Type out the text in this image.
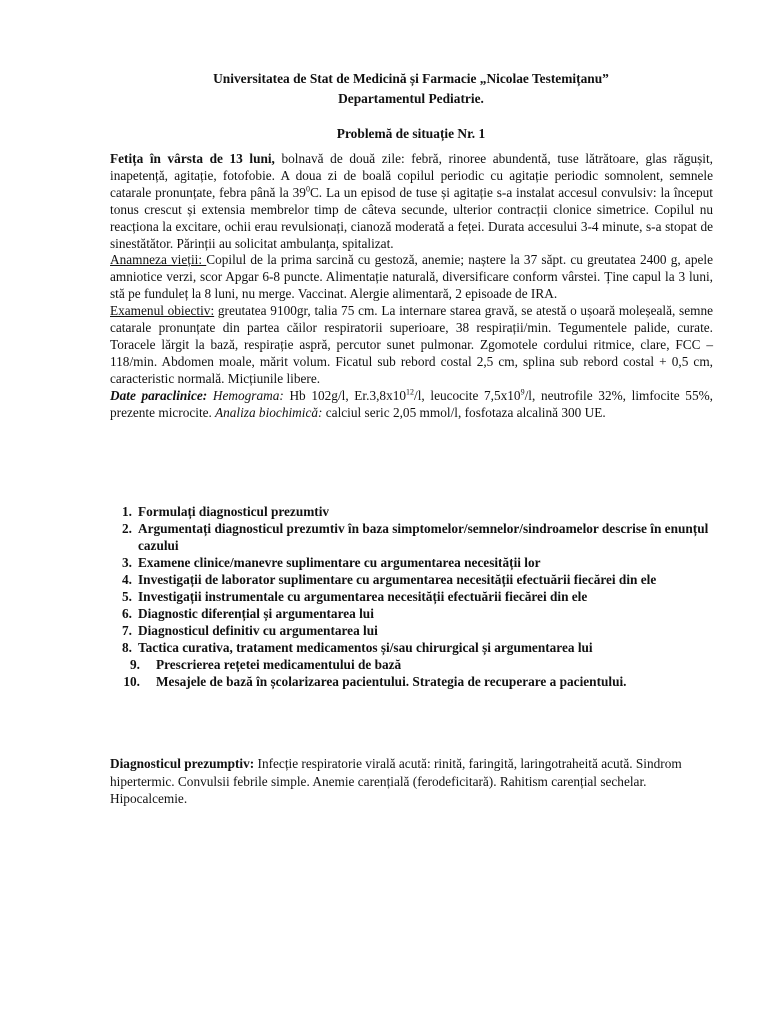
Universitatea de Stat de Medicină și Farmacie „Nicolae Testemițanu”
Departamentul Pediatrie.
Problemă de situație Nr. 1

Fetița în vârsta de 13 luni, bolnavă de două zile: febră, rinoree abundentă, tuse lătrătoare, glas răgușit, inapetență, agitație, fotofobie. A doua zi de boală copilul periodic cu agitație periodic somnolent, semnele catarale pronunțate, febra până la $39^0C$. La un episod de tuse și agitație s-a instalat accesul convulsiv: la început tonus crescut și extensia membrelor timp de câteva secunde, ulterior contracții clonice simetrice. Copilul nu reacționa la excitare, ochii erau revulsionați, cianoză moderată a feței. Durata accesului 3-4 minute, s-a stopat de sinestătător. Părinții au solicitat ambulanța, spitalizat.

Anamneza vieții: Copilul de la prima sarcină cu gestoză, anemie; naștere la 37 săpt. cu greutatea 2400 g, apele amniotice verzi, scor Apgar 6-8 puncte. Alimentație naturală, diversificare conform vârstei. Ține capul la 3 luni, stă pe funduleț la 8 luni, nu merge. Vaccinat. Alergie alimentară, 2 episoade de IRA.

Examenul obiectiv: greutatea 9100gr, talia 75 cm. La internare starea gravă, se atestă o ușoară moleșeală, semne catarale pronunțate din partea căilor respiratorii superioare, 38 respirații/min. Tegumentele palide, curate. Toracele lărgit la bază, respirație aspră, percutor sunet pulmonar. Zgomotele cordului ritmice, clare, FCC – 118/min. Abdomen moale, mărit volum. Ficatul sub rebord costal 2,5 cm, splina sub rebord costal + 0,5 cm, caracteristic normală. Micțiunile libere.

Date paraclinice: Hemograma: Hb 102g/l, $Er.3,8x10^{12}/l$, leucocite $7,5x10^9/l$, neutrofile 32%, limfocite 55%, prezente microcite. Analiza biochimică: calciul seric 2,05 mmol/l, fosfotaza alcalină 300 UE.

1. Formulați diagnosticul prezumtiv
2. Argumentați diagnosticul prezumtiv în baza simptomelor/semnelor/sindroamelor descrise în enunțul cazului
3. Examene clinice/manevre suplimentare cu argumentarea necesității lor
4. Investigații de laborator suplimentare cu argumentarea necesității efectuării fiecărei din ele
5. Investigații instrumentale cu argumentarea necesității efectuării fiecărei din ele
6. Diagnostic diferențial și argumentarea lui
7. Diagnosticul definitiv cu argumentarea lui
8. Tactica curativa, tratament medicamentos și/sau chirurgical și argumentarea lui
9. Prescrierea rețetei medicamentului de bază
10. Mesajele de bază în școlarizarea pacientului. Strategia de recuperare a pacientului.
Diagnosticul prezumptiv: Infecție respiratorie virală acută: rinită, faringită, laringotraheită acută. Sindrom hipertermic. Convulsii febrile simple. Anemie carențială (ferodeficitară). Rahitism carențial sechelar. Hipocalcemie.
